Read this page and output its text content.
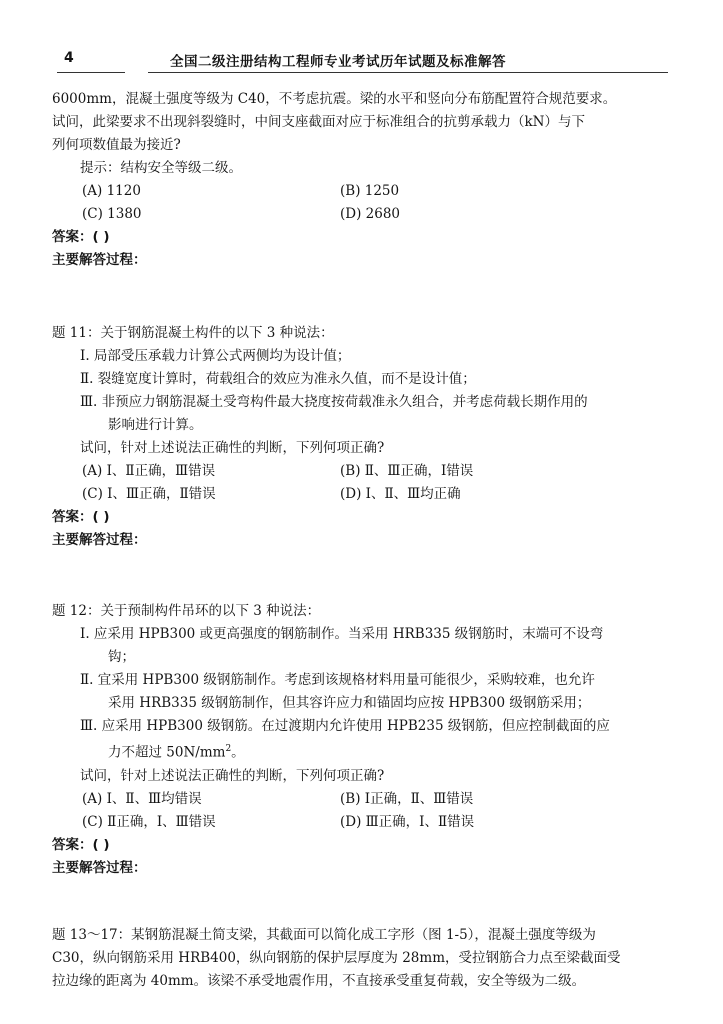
4	全国二级注册结构工程师专业考试历年试题及标准解答
6000mm，混凝土强度等级为 C40，不考虑抗震。梁的水平和竖向分布筋配置符合规范要求。
试问，此梁要求不出现斜裂缝时，中间支座截面对应于标准组合的抗剪承载力（kN）与下
列何项数值最为接近?
提示：结构安全等级二级。
(A) 1120	(B) 1250
(C) 1380	(D) 2680
答案：( )
主要解答过程：
题 11：关于钢筋混凝土构件的以下 3 种说法：
Ⅰ. 局部受压承载力计算公式两侧均为设计值；
Ⅱ. 裂缝宽度计算时，荷载组合的效应为准永久值，而不是设计值；
Ⅲ. 非预应力钢筋混凝土受弯构件最大挠度按荷载准永久组合，并考虑荷载长期作用的
影响进行计算。
试问，针对上述说法正确性的判断，下列何项正确?
(A) Ⅰ、Ⅱ正确，Ⅲ错误	(B) Ⅱ、Ⅲ正确，Ⅰ错误
(C) Ⅰ、Ⅲ正确，Ⅱ错误	(D) Ⅰ、Ⅱ、Ⅲ均正确
答案：( )
主要解答过程：
题 12：关于预制构件吊环的以下 3 种说法：
Ⅰ. 应采用 HPB300 或更高强度的钢筋制作。当采用 HRB335 级钢筋时，末端可不设弯
钩；
Ⅱ. 宜采用 HPB300 级钢筋制作。考虑到该规格材料用量可能很少，采购较难，也允许
采用 HRB335 级钢筋制作，但其容许应力和锚固均应按 HPB300 级钢筋采用；
Ⅲ. 应采用 HPB300 级钢筋。在过渡期内允许使用 HPB235 级钢筋，但应控制截面的应
力不超过 $50N/mm^2$。
试问，针对上述说法正确性的判断，下列何项正确?
(A) Ⅰ、Ⅱ、Ⅲ均错误	(B) Ⅰ正确，Ⅱ、Ⅲ错误
(C) Ⅱ正确，Ⅰ、Ⅲ错误	(D) Ⅲ正确，Ⅰ、Ⅱ错误
答案：( )
主要解答过程：
题 13～17：某钢筋混凝土简支梁，其截面可以简化成工字形（图 1-5），混凝土强度等级为
C30，纵向钢筋采用 HRB400，纵向钢筋的保护层厚度为 28mm，受拉钢筋合力点至梁截面受
拉边缘的距离为 40mm。该梁不承受地震作用，不直接承受重复荷载，安全等级为二级。
